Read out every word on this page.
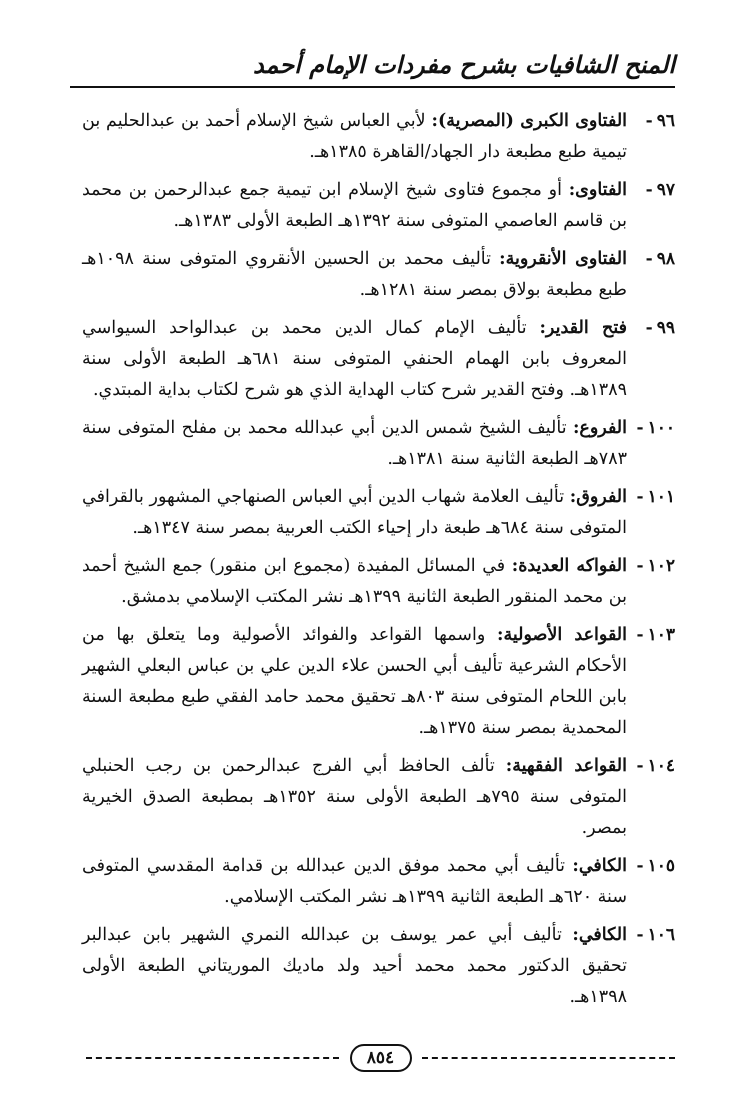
المنح الشافيات بشرح مفردات الإمام أحمد
٩٦-
الفتاوى الكبرى (المصرية): لأبي العباس شيخ الإسلام أحمد بن عبدالحليم بن تيمية طبع مطبعة دار الجهاد/القاهرة ١٣٨٥هـ.
٩٧-
الفتاوى: أو مجموع فتاوى شيخ الإسلام ابن تيمية جمع عبدالرحمن بن محمد بن قاسم العاصمي المتوفى سنة ١٣٩٢هـ الطبعة الأولى ١٣٨٣هـ.
٩٨-
الفتاوى الأنقروية: تأليف محمد بن الحسين الأنقروي المتوفى سنة ١٠٩٨هـ طبع مطبعة بولاق بمصر سنة ١٢٨١هـ.
٩٩-
فتح القدير: تأليف الإمام كمال الدين محمد بن عبدالواحد السيواسي المعروف بابن الهمام الحنفي المتوفى سنة ٦٨١هـ الطبعة الأولى سنة ١٣٨٩هـ. وفتح القدير شرح كتاب الهداية الذي هو شرح لكتاب بداية المبتدي.
١٠٠-
الفروع: تأليف الشيخ شمس الدين أبي عبدالله محمد بن مفلح المتوفى سنة ٧٨٣هـ الطبعة الثانية سنة ١٣٨١هـ.
١٠١-
الفروق: تأليف العلامة شهاب الدين أبي العباس الصنهاجي المشهور بالقرافي المتوفى سنة ٦٨٤هـ طبعة دار إحياء الكتب العربية بمصر سنة ١٣٤٧هـ.
١٠٢-
الفواكه العديدة: في المسائل المفيدة (مجموع ابن منقور) جمع الشيخ أحمد بن محمد المنقور الطبعة الثانية ١٣٩٩هـ نشر المكتب الإسلامي بدمشق.
١٠٣-
القواعد الأصولية: واسمها القواعد والفوائد الأصولية وما يتعلق بها من الأحكام الشرعية تأليف أبي الحسن علاء الدين علي بن عباس البعلي الشهير بابن اللحام المتوفى سنة ٨٠٣هـ تحقيق محمد حامد الفقي طبع مطبعة السنة المحمدية بمصر سنة ١٣٧٥هـ.
١٠٤-
القواعد الفقهية: تألف الحافظ أبي الفرج عبدالرحمن بن رجب الحنبلي المتوفى سنة ٧٩٥هـ الطبعة الأولى سنة ١٣٥٢هـ بمطبعة الصدق الخيرية بمصر.
١٠٥-
الكافي: تأليف أبي محمد موفق الدين عبدالله بن قدامة المقدسي المتوفى سنة ٦٢٠هـ الطبعة الثانية ١٣٩٩هـ نشر المكتب الإسلامي.
١٠٦-
الكافي: تأليف أبي عمر يوسف بن عبدالله النمري الشهير بابن عبدالبر تحقيق الدكتور محمد محمد أحيد ولد ماديك الموريتاني الطبعة الأولى ١٣٩٨هـ.
٨٥٤
